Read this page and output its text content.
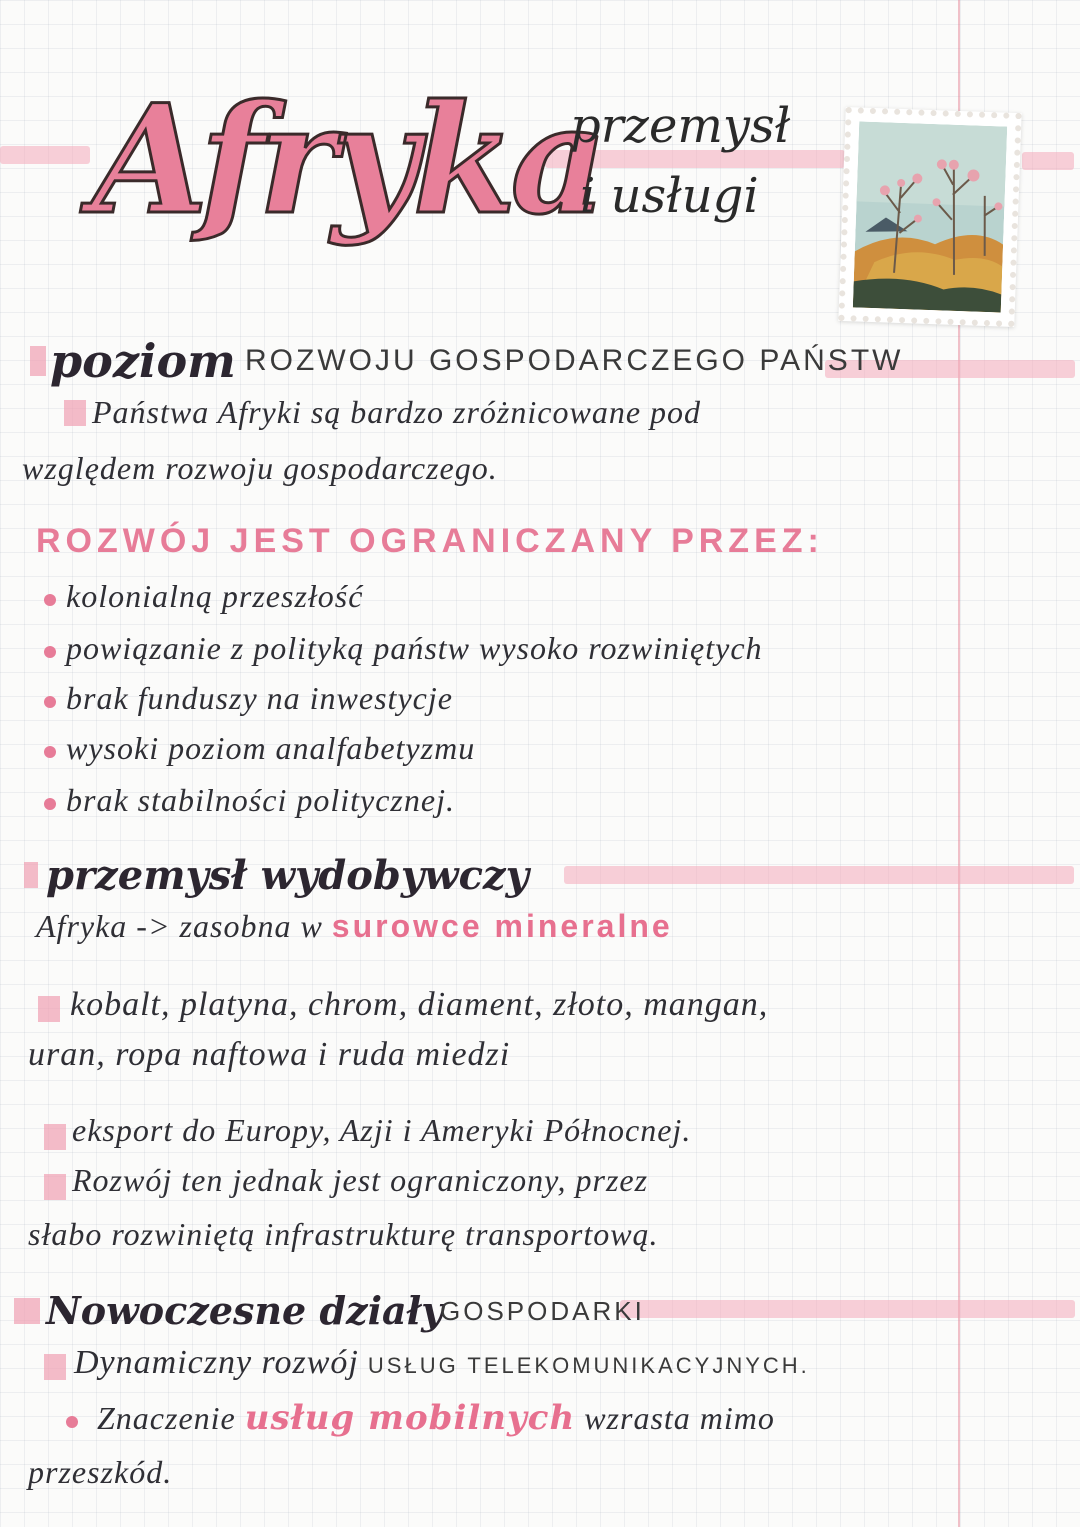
Afryka
przemysł
i usługi
poziom ROZWOJU GOSPODARCZEGO PAŃSTW
Państwa Afryki są bardzo zróżnicowane pod
względem rozwoju gospodarczego.
ROZWÓJ JEST OGRANICZANY PRZEZ:
kolonialną przeszłość
powiązanie z polityką państw wysoko rozwiniętych
brak funduszy na inwestycje
wysoki poziom analfabetyzmu
brak stabilności politycznej.
przemysł wydobywczy
Afryka -> zasobna w surowce mineralne
kobalt, platyna, chrom, diament, złoto, mangan,
uran, ropa naftowa i ruda miedzi
eksport do Europy, Azji i Ameryki Północnej.
Rozwój ten jednak jest ograniczony, przez
słabo rozwiniętą infrastrukturę transportową.
Nowoczesne działy
GOSPODARKI
Dynamiczny rozwój USŁUG TELEKOMUNIKACYJNYCH.
Znaczenie usług mobilnych wzrasta mimo
przeszkód.
